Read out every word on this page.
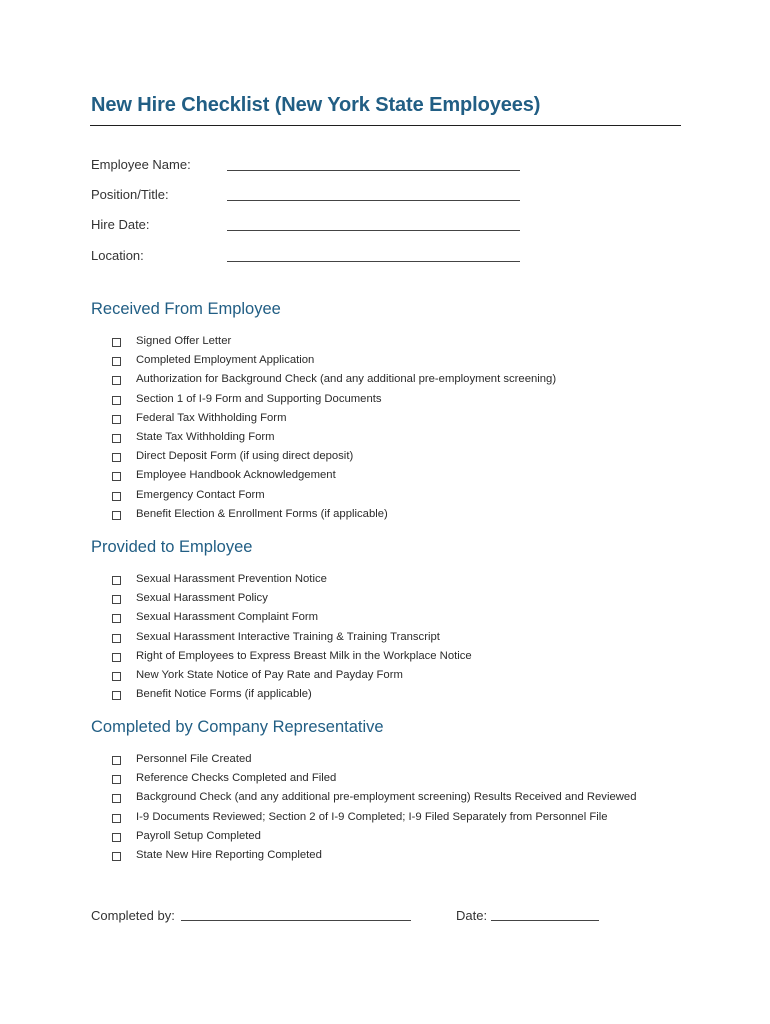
New Hire Checklist (New York State Employees)
Employee Name:
Position/Title:
Hire Date:
Location:
Received From Employee
Signed Offer Letter
Completed Employment Application
Authorization for Background Check (and any additional pre-employment screening)
Section 1 of I-9 Form and Supporting Documents
Federal Tax Withholding Form
State Tax Withholding Form
Direct Deposit Form (if using direct deposit)
Employee Handbook Acknowledgement
Emergency Contact Form
Benefit Election & Enrollment Forms (if applicable)
Provided to Employee
Sexual Harassment Prevention Notice
Sexual Harassment Policy
Sexual Harassment Complaint Form
Sexual Harassment Interactive Training & Training Transcript
Right of Employees to Express Breast Milk in the Workplace Notice
New York State Notice of Pay Rate and Payday Form
Benefit Notice Forms (if applicable)
Completed by Company Representative
Personnel File Created
Reference Checks Completed and Filed
Background Check (and any additional pre-employment screening) Results Received and Reviewed
I-9 Documents Reviewed; Section 2 of I-9 Completed; I-9 Filed Separately from Personnel File
Payroll Setup Completed
State New Hire Reporting Completed
Completed by:	Date:
